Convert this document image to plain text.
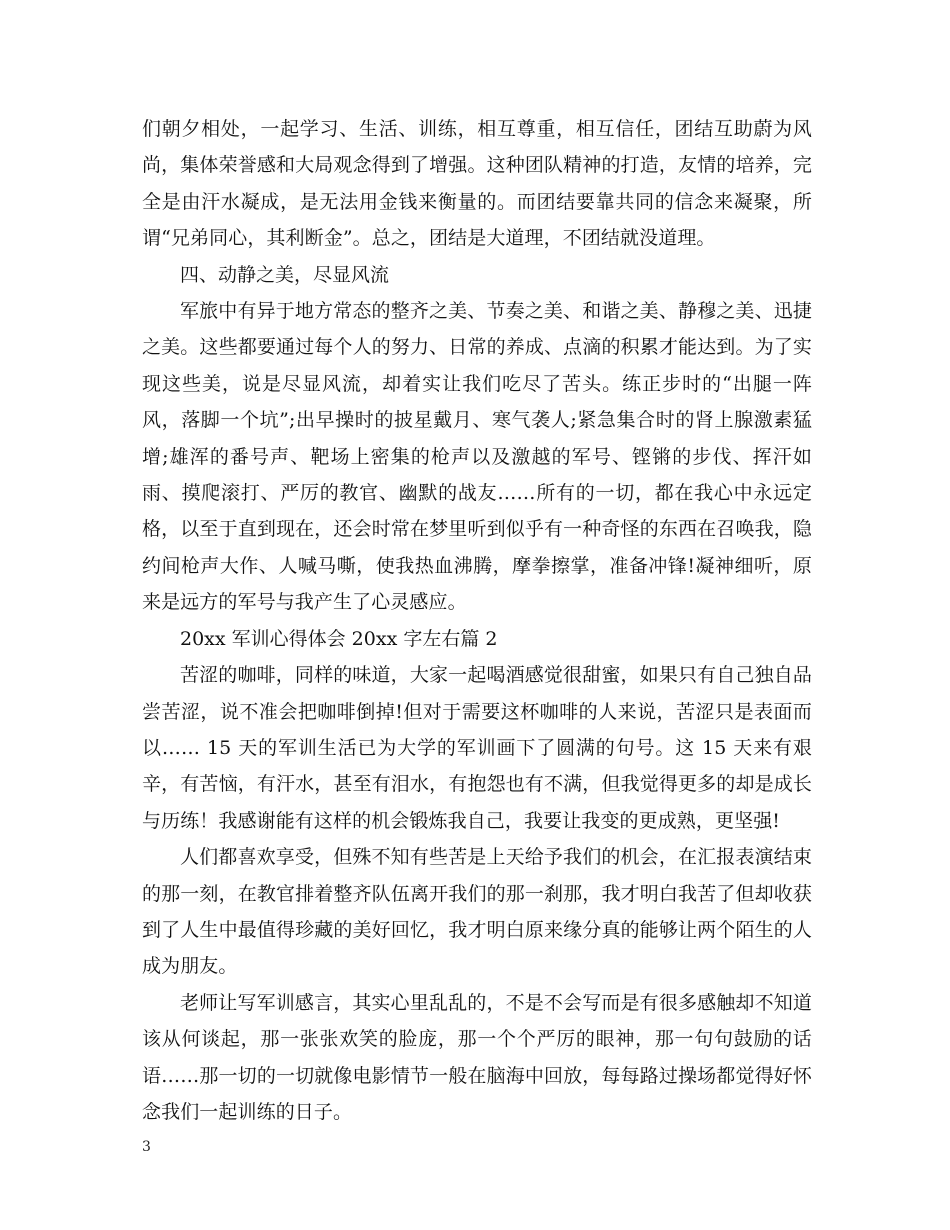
们朝夕相处，一起学习、生活、训练，相互尊重，相互信任，团结互助蔚为风尚，集体荣誉感和大局观念得到了增强。这种团队精神的打造，友情的培养，完全是由汗水凝成，是无法用金钱来衡量的。而团结要靠共同的信念来凝聚，所谓“兄弟同心，其利断金”。总之，团结是大道理，不团结就没道理。

四、动静之美，尽显风流

军旅中有异于地方常态的整齐之美、节奏之美、和谐之美、静穆之美、迅捷之美。这些都要通过每个人的努力、日常的养成、点滴的积累才能达到。为了实现这些美，说是尽显风流，却着实让我们吃尽了苦头。练正步时的“出腿一阵风，落脚一个坑”;出早操时的披星戴月、寒气袭人;紧急集合时的肾上腺激素猛增;雄浑的番号声、靶场上密集的枪声以及激越的军号、铿锵的步伐、挥汗如雨、摸爬滚打、严厉的教官、幽默的战友……所有的一切，都在我心中永远定格，以至于直到现在，还会时常在梦里听到似乎有一种奇怪的东西在召唤我，隐约间枪声大作、人喊马嘶，使我热血沸腾，摩拳擦掌，准备冲锋!凝神细听，原来是远方的军号与我产生了心灵感应。

20xx 军训心得体会 20xx 字左右篇 2

苦涩的咖啡，同样的味道，大家一起喝酒感觉很甜蜜，如果只有自己独自品尝苦涩，说不准会把咖啡倒掉!但对于需要这杯咖啡的人来说，苦涩只是表面而以…… 15 天的军训生活已为大学的军训画下了圆满的句号。这 15 天来有艰辛，有苦恼，有汗水，甚至有泪水，有抱怨也有不满，但我觉得更多的却是成长与历练！我感谢能有这样的机会锻炼我自己，我要让我变的更成熟，更坚强!

人们都喜欢享受，但殊不知有些苦是上天给予我们的机会，在汇报表演结束的那一刻，在教官排着整齐队伍离开我们的那一刹那，我才明白我苦了但却收获到了人生中最值得珍藏的美好回忆，我才明白原来缘分真的能够让两个陌生的人成为朋友。

老师让写军训感言，其实心里乱乱的，不是不会写而是有很多感触却不知道该从何谈起，那一张张欢笑的脸庞，那一个个严厉的眼神，那一句句鼓励的话语……那一切的一切就像电影情节一般在脑海中回放，每每路过操场都觉得好怀念我们一起训练的日子。

3
